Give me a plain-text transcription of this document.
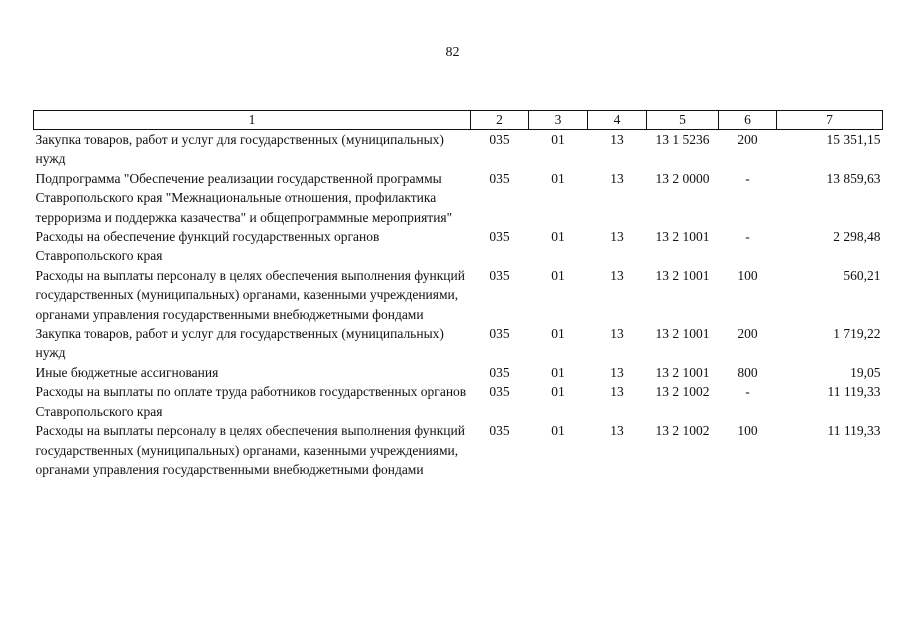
82
1	2	3	4	5	6	7
Закупка товаров, работ и услуг для государственных (муниципальных) нужд	035	01	13	13 1 5236	200	15 351,15
Подпрограмма "Обеспечение реализации государственной программы Ставропольского края "Межнациональные отношения, профилактика терроризма и поддержка казачества" и общепрограммные мероприятия"	035	01	13	13 2 0000	-	13 859,63
Расходы на обеспечение функций государственных органов Ставропольского края	035	01	13	13 2 1001	-	2 298,48
Расходы на выплаты персоналу в целях обеспечения выполнения функций государственных (муниципальных) органами, казенными учреждениями, органами управления государственными внебюджетными фондами	035	01	13	13 2 1001	100	560,21
Закупка товаров, работ и услуг для государственных (муниципальных) нужд	035	01	13	13 2 1001	200	1 719,22
Иные бюджетные ассигнования	035	01	13	13 2 1001	800	19,05
Расходы на выплаты по оплате труда работников государственных органов Ставропольского края	035	01	13	13 2 1002	-	11 119,33
Расходы на выплаты персоналу в целях обеспечения выполнения функций государственных (муниципальных) органами, казенными учреждениями, органами управления государственными внебюджетными фондами	035	01	13	13 2 1002	100	11 119,33
